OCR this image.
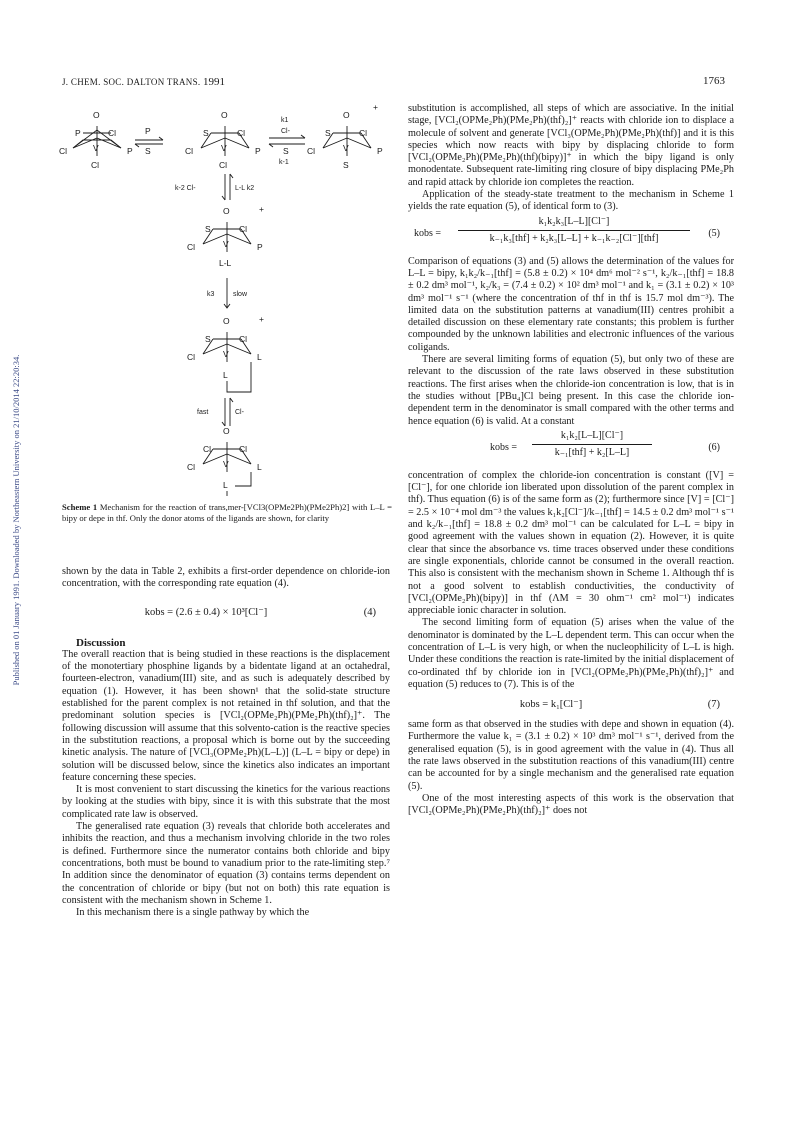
J. CHEM. SOC. DALTON TRANS. 1991	1763
Published on 01 January 1991. Downloaded by Northeastern University on 21/10/2014 22:20:34.
O
P	Cl
V
Cl	P
Cl
P
S
O
S	Cl
V
Cl	P
Cl
+
k1
Cl-
S
k-1
O
S	Cl
V
Cl	P
S
k-2 Cl-	L-L k2
O
S	Cl
V
Cl	P
L-L
+
k3	slow
O
S	Cl
V
Cl	L
L
+
fast	Cl-
O
Cl	Cl
V
Cl	L
L
Scheme 1 Mechanism for the reaction of trans,mer-[VCl3(OPMe2Ph)(PMe2Ph)2] with L–L = bipy or depe in thf. Only the donor atoms of the ligands are shown, for clarity

shown by the data in Table 2, exhibits a first-order dependence on chloride-ion concentration, with the corresponding rate equation (4).

kobs = (2.6 ± 0.4) × 10³[Cl⁻]	(4)

Discussion

The overall reaction that is being studied in these reactions is the displacement of the monotertiary phosphine ligands by a bidentate ligand at an octahedral, fourteen-electron, vanadium(III) site, and as such is adequately described by equation (1). However, it has been shown¹ that the solid-state structure established for the parent complex is not retained in thf solution, and that the predominant solution species is [VCl₂(OPMe₂Ph)(PMe₂Ph)(thf)₂]⁺. The following discussion will assume that this solvento-cation is the reactive species in the substitution reactions, a proposal which is borne out by the succeeding kinetic analysis. The nature of [VCl₃(OPMe₂Ph)(L–L)] (L–L = bipy or depe) in solution will be discussed below, since the kinetics also indicates an important feature concerning these species.

It is most convenient to start discussing the kinetics for the various reactions by looking at the studies with bipy, since it is with this substrate that the most complicated rate law is observed.

The generalised rate equation (3) reveals that chloride both accelerates and inhibits the reaction, and thus a mechanism involving chloride in the two roles is defined. Furthermore since the numerator contains both chloride and bipy concentrations, both must be bound to vanadium prior to the rate-limiting step.⁷ In addition since the denominator of equation (3) contains terms dependent on the concentration of chloride or bipy (but not on both) this rate equation is consistent with the mechanism shown in Scheme 1.

In this mechanism there is a single pathway by which the

substitution is accomplished, all steps of which are associative. In the initial stage, [VCl₂(OPMe₂Ph)(PMe₂Ph)(thf)₂]⁺ reacts with chloride ion to displace a molecule of solvent and generate [VCl₃(OPMe₂Ph)(PMe₂Ph)(thf)] and it is this species which now reacts with bipy by displacing chloride to form [VCl₂(OPMe₂Ph)(PMe₂Ph)(thf)(bipy)]⁺ in which the bipy ligand is only monodentate. Subsequent rate-limiting ring closure of bipy displacing PMe₂Ph and rapid attack by chloride ion completes the reaction.

Application of the steady-state treatment to the mechanism in Scheme 1 yields the rate equation (5), of identical form to (3).

kobs =
k₁k₂k₃[L–L][Cl⁻]
k₋₁k₃[thf] + k₂k₃[L–L] + k₋₁k₋₂[Cl⁻][thf]	(5)

Comparison of equations (3) and (5) allows the determination of the values for L–L = bipy, k₁k₂/k₋₁[thf] = (5.8 ± 0.2) × 10⁴ dm⁶ mol⁻² s⁻¹, k₂/k₋₁[thf] = 18.8 ± 0.2 dm³ mol⁻¹, k₂/k₃ = (7.4 ± 0.2) × 10² dm³ mol⁻¹ and k₁ = (3.1 ± 0.2) × 10³ dm³ mol⁻¹ s⁻¹ (where the concentration of thf in thf is 15.7 mol dm⁻³). The limited data on the substitution patterns at vanadium(III) centres prohibit a detailed discussion on these elementary rate constants; this problem is further compounded by the unknown labilities and electronic influences of the various coligands.

There are several limiting forms of equation (5), but only two of these are relevant to the discussion of the rate laws observed in these substitution reactions. The first arises when the chloride-ion concentration is low, that is in the studies without [PBu₄]Cl being present. In this case the chloride ion-dependent term in the denominator is small compared with the other terms and hence equation (6) is valid. At a constant

kobs =
k₁k₂[L–L][Cl⁻]
k₋₁[thf] + k₂[L–L]	(6)

concentration of complex the chloride-ion concentration is constant ([V] = [Cl⁻], for one chloride ion liberated upon dissolution of the parent complex in thf). Thus equation (6) is of the same form as (2); furthermore since [V] = [Cl⁻] = 2.5 × 10⁻⁴ mol dm⁻³ the values k₁k₂[Cl⁻]/k₋₁[thf] = 14.5 ± 0.2 dm³ mol⁻¹ s⁻¹ and k₂/k₋₁[thf] = 18.8 ± 0.2 dm³ mol⁻¹ can be calculated for L–L = bipy in good agreement with the values shown in equation (2). However, it is quite clear that since the absorbance vs. time traces observed under these conditions are single exponentials, chloride cannot be consumed in the overall reaction. This also is consistent with the mechanism shown in Scheme 1. Although thf is not a good solvent to establish conductivities, the conductivity of [VCl₂(OPMe₂Ph)(bipy)] in thf (ΛM = 30 ohm⁻¹ cm² mol⁻¹) indicates appreciable ionic character in solution.

The second limiting form of equation (5) arises when the value of the denominator is dominated by the L–L dependent term. This can occur when the concentration of L–L is very high, or when the nucleophilicity of L–L is high. Under these conditions the reaction is rate-limited by the initial displacement of co-ordinated thf by chloride ion in [VCl₂(OPMe₂Ph)(PMe₂Ph)(thf)₂]⁺ and equation (5) reduces to (7). This is of the

kobs = k₁[Cl⁻]	(7)

same form as that observed in the studies with depe and shown in equation (4). Furthermore the value k₁ = (3.1 ± 0.2) × 10³ dm³ mol⁻¹ s⁻¹, derived from the generalised equation (5), is in good agreement with the value in (4). Thus all the rate laws observed in the substitution reactions of this vanadium(III) centre can be accounted for by a single mechanism and the generalised rate equation (5).

One of the most interesting aspects of this work is the observation that [VCl₂(OPMe₂Ph)(PMe₂Ph)(thf)₂]⁺ does not
